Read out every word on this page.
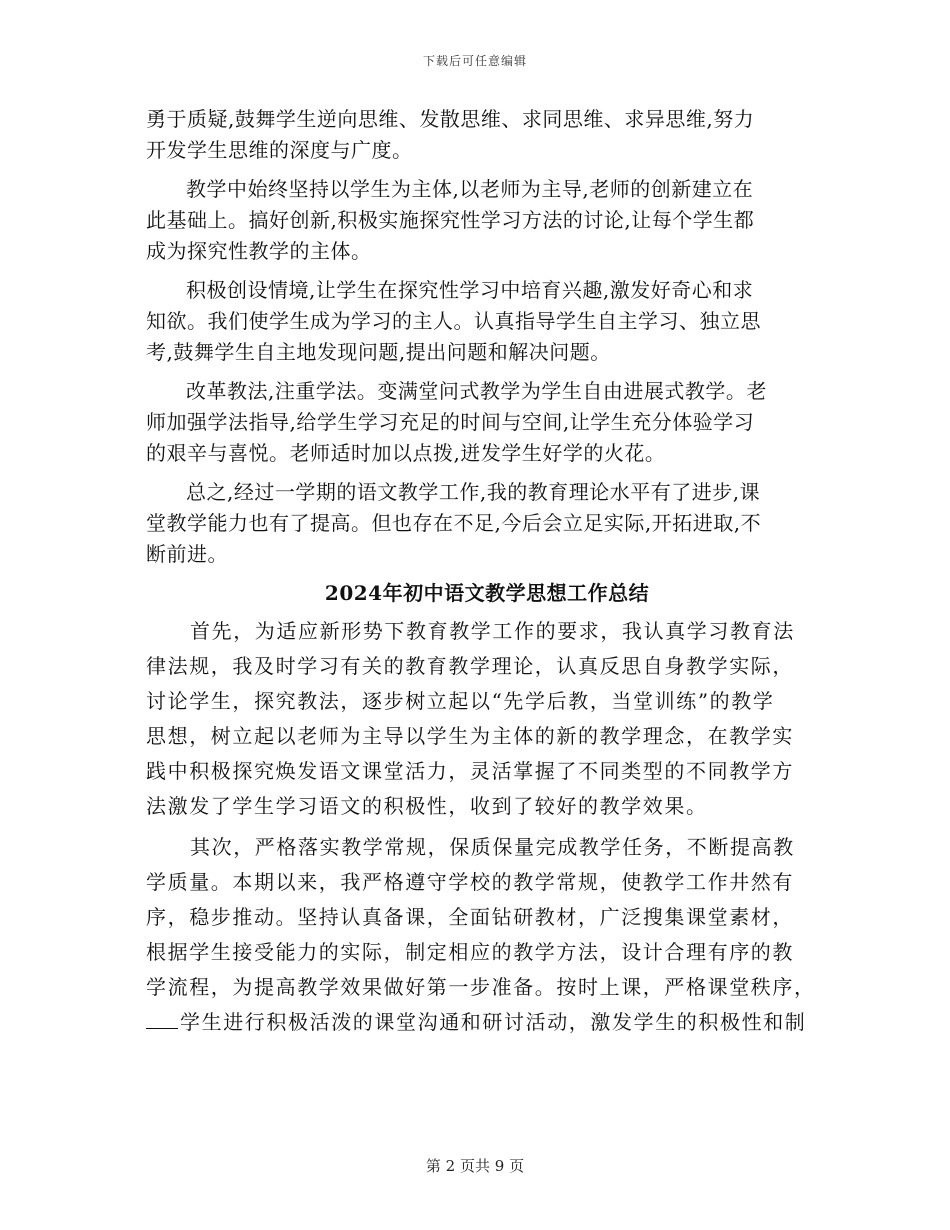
下载后可任意编辑

勇于质疑,鼓舞学生逆向思维、发散思维、求同思维、求异思维,努力
开发学生思维的深度与广度。

教学中始终坚持以学生为主体,以老师为主导,老师的创新建立在
此基础上。搞好创新,积极实施探究性学习方法的讨论,让每个学生都
成为探究性教学的主体。

积极创设情境,让学生在探究性学习中培育兴趣,激发好奇心和求
知欲。我们使学生成为学习的主人。认真指导学生自主学习、独立思
考,鼓舞学生自主地发现问题,提出问题和解决问题。

改革教法,注重学法。变满堂问式教学为学生自由进展式教学。老
师加强学法指导,给学生学习充足的时间与空间,让学生充分体验学习
的艰辛与喜悦。老师适时加以点拨,迸发学生好学的火花。

总之,经过一学期的语文教学工作,我的教育理论水平有了进步,课
堂教学能力也有了提高。但也存在不足,今后会立足实际,开拓进取,不
断前进。

2024年初中语文教学思想工作总结

首先，为适应新形势下教育教学工作的要求，我认真学习教育法
律法规，我及时学习有关的教育教学理论，认真反思自身教学实际，
讨论学生，探究教法，逐步树立起以“先学后教，当堂训练”的教学
思想，树立起以老师为主导以学生为主体的新的教学理念，在教学实
践中积极探究焕发语文课堂活力，灵活掌握了不同类型的不同教学方
法激发了学生学习语文的积极性，收到了较好的教学效果。

其次，严格落实教学常规，保质保量完成教学任务，不断提高教
学质量。本期以来，我严格遵守学校的教学常规，使教学工作井然有
序，稳步推动。坚持认真备课，全面钻研教材，广泛搜集课堂素材，
根据学生接受能力的实际，制定相应的教学方法，设计合理有序的教
学流程，为提高教学效果做好第一步准备。按时上课，严格课堂秩序，
学生进行积极活泼的课堂沟通和研讨活动，激发学生的积极性和制

第 2 页共 9 页
